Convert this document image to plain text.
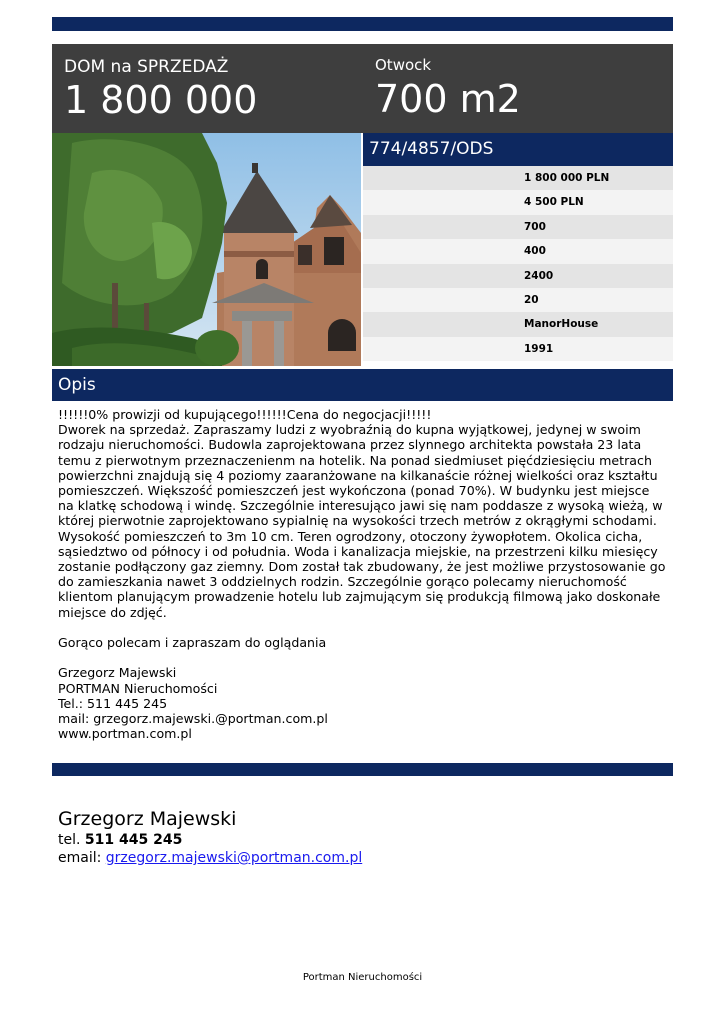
DOM na SPRZEDAŻ
1 800 000
Otwock
700 m2
774/4857/ODS
1 800 000 PLN
4 500 PLN
700
400
2400
20
ManorHouse
1991
Opis

!!!!!!0% prowizji od kupującego!!!!!!Cena do negocjacji!!!!!

Dworek na sprzedaż. Zapraszamy ludzi z wyobraźnią do kupna wyjątkowej, jedynej w swoim rodzaju nieruchomości. Budowla zaprojektowana przez slynnego architekta powstała 23 lata temu z pierwotnym przeznaczenienm na hotelik. Na ponad siedmiuset pięćdziesięciu metrach powierzchni znajdują się 4 poziomy zaaranżowane na kilkanaście różnej wielkości oraz kształtu pomieszczeń. Większość pomieszczeń jest wykończona (ponad 70%). W budynku jest miejsce na klatkę schodową i windę. Szczególnie interesująco jawi się nam poddasze z wysoką wieżą, w której pierwotnie zaprojektowano sypialnię na wysokości trzech metrów z okrągłymi schodami. Wysokość pomieszczeń to 3m 10 cm. Teren ogrodzony, otoczony żywopłotem. Okolica cicha, sąsiedztwo od północy i od południa. Woda i kanalizacja miejskie, na przestrzeni kilku miesięcy zostanie podłączony gaz ziemny. Dom został tak zbudowany, że jest możliwe przystosowanie go do zamieszkania nawet 3 oddzielnych rodzin. Szczególnie gorąco polecamy nieruchomość klientom planującym prowadzenie hotelu lub zajmującym się produkcją filmową jako doskonałe miejsce do zdjęć.

Gorąco polecam i zapraszam do oglądania

Grzegorz Majewski

PORTMAN Nieruchomości

Tel.: 511 445 245

mail: grzegorz.majewski.@portman.com.pl

www.portman.com.pl

Grzegorz Majewski
tel. 511 445 245
email: grzegorz.majewski@portman.com.pl
Portman Nieruchomości
